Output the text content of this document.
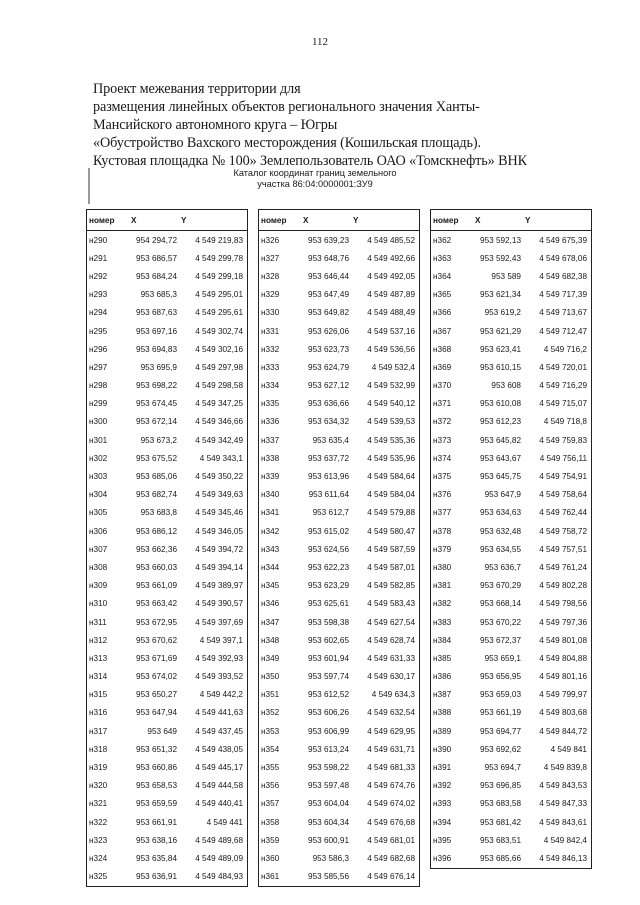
112
Проект межевания территории для
размещения линейных объектов регионального значения Ханты-
Мансийского автономного круга – Югры
«Обустройство Вахского месторождения (Кошильская площадь).
Кустовая площадка № 100» Землепользователь ОАО «Томскнефть» ВНК
Каталог координат границ земельного
участка 86:04:0000001:ЗУ9
номер	X	Y
н290	954 294,72	4 549 219,83
н291	953 686,57	4 549 299,78
н292	953 684,24	4 549 299,18
н293	953 685,3	4 549 295,01
н294	953 687,63	4 549 295,61
н295	953 697,16	4 549 302,74
н296	953 694,83	4 549 302,16
н297	953 695,9	4 549 297,98
н298	953 698,22	4 549 298,58
н299	953 674,45	4 549 347,25
н300	953 672,14	4 549 346,66
н301	953 673,2	4 549 342,49
н302	953 675,52	4 549 343,1
н303	953 685,06	4 549 350,22
н304	953 682,74	4 549 349,63
н305	953 683,8	4 549 345,46
н306	953 686,12	4 549 346,05
н307	953 662,36	4 549 394,72
н308	953 660,03	4 549 394,14
н309	953 661,09	4 549 389,97
н310	953 663,42	4 549 390,57
н311	953 672,95	4 549 397,69
н312	953 670,62	4 549 397,1
н313	953 671,69	4 549 392,93
н314	953 674,02	4 549 393,52
н315	953 650,27	4 549 442,2
н316	953 647,94	4 549 441,63
н317	953 649	4 549 437,45
н318	953 651,32	4 549 438,05
н319	953 660,86	4 549 445,17
н320	953 658,53	4 549 444,58
н321	953 659,59	4 549 440,41
н322	953 661,91	4 549 441
н323	953 638,16	4 549 489,68
н324	953 635,84	4 549 489,09
н325	953 636,91	4 549 484,93
номер	X	Y
н326	953 639,23	4 549 485,52
н327	953 648,76	4 549 492,66
н328	953 646,44	4 549 492,05
н329	953 647,49	4 549 487,89
н330	953 649,82	4 549 488,49
н331	953 626,06	4 549 537,16
н332	953 623,73	4 549 536,56
н333	953 624,79	4 549 532,4
н334	953 627,12	4 549 532,99
н335	953 636,66	4 549 540,12
н336	953 634,32	4 549 539,53
н337	953 635,4	4 549 535,36
н338	953 637,72	4 549 535,96
н339	953 613,96	4 549 584,64
н340	953 611,64	4 549 584,04
н341	953 612,7	4 549 579,88
н342	953 615,02	4 549 580,47
н343	953 624,56	4 549 587,59
н344	953 622,23	4 549 587,01
н345	953 623,29	4 549 582,85
н346	953 625,61	4 549 583,43
н347	953 598,38	4 549 627,54
н348	953 602,65	4 549 628,74
н349	953 601,94	4 549 631,33
н350	953 597,74	4 549 630,17
н351	953 612,52	4 549 634,3
н352	953 606,26	4 549 632,54
н353	953 606,99	4 549 629,95
н354	953 613,24	4 549 631,71
н355	953 598,22	4 549 681,33
н356	953 597,48	4 549 674,76
н357	953 604,04	4 549 674,02
н358	953 604,34	4 549 676,68
н359	953 600,91	4 549 681,01
н360	953 586,3	4 549 682,68
н361	953 585,56	4 549 676,14
номер	X	Y
н362	953 592,13	4 549 675,39
н363	953 592,43	4 549 678,06
н364	953 589	4 549 682,38
н365	953 621,34	4 549 717,39
н366	953 619,2	4 549 713,67
н367	953 621,29	4 549 712,47
н368	953 623,41	4 549 716,2
н369	953 610,15	4 549 720,01
н370	953 608	4 549 716,29
н371	953 610,08	4 549 715,07
н372	953 612,23	4 549 718,8
н373	953 645,82	4 549 759,83
н374	953 643,67	4 549 756,11
н375	953 645,75	4 549 754,91
н376	953 647,9	4 549 758,64
н377	953 634,63	4 549 762,44
н378	953 632,48	4 549 758,72
н379	953 634,55	4 549 757,51
н380	953 636,7	4 549 761,24
н381	953 670,29	4 549 802,28
н382	953 668,14	4 549 798,56
н383	953 670,22	4 549 797,36
н384	953 672,37	4 549 801,08
н385	953 659,1	4 549 804,88
н386	953 656,95	4 549 801,16
н387	953 659,03	4 549 799,97
н388	953 661,19	4 549 803,68
н389	953 694,77	4 549 844,72
н390	953 692,62	4 549 841
н391	953 694,7	4 549 839,8
н392	953 696,85	4 549 843,53
н393	953 683,58	4 549 847,33
н394	953 681,42	4 549 843,61
н395	953 683,51	4 549 842,4
н396	953 685,66	4 549 846,13
